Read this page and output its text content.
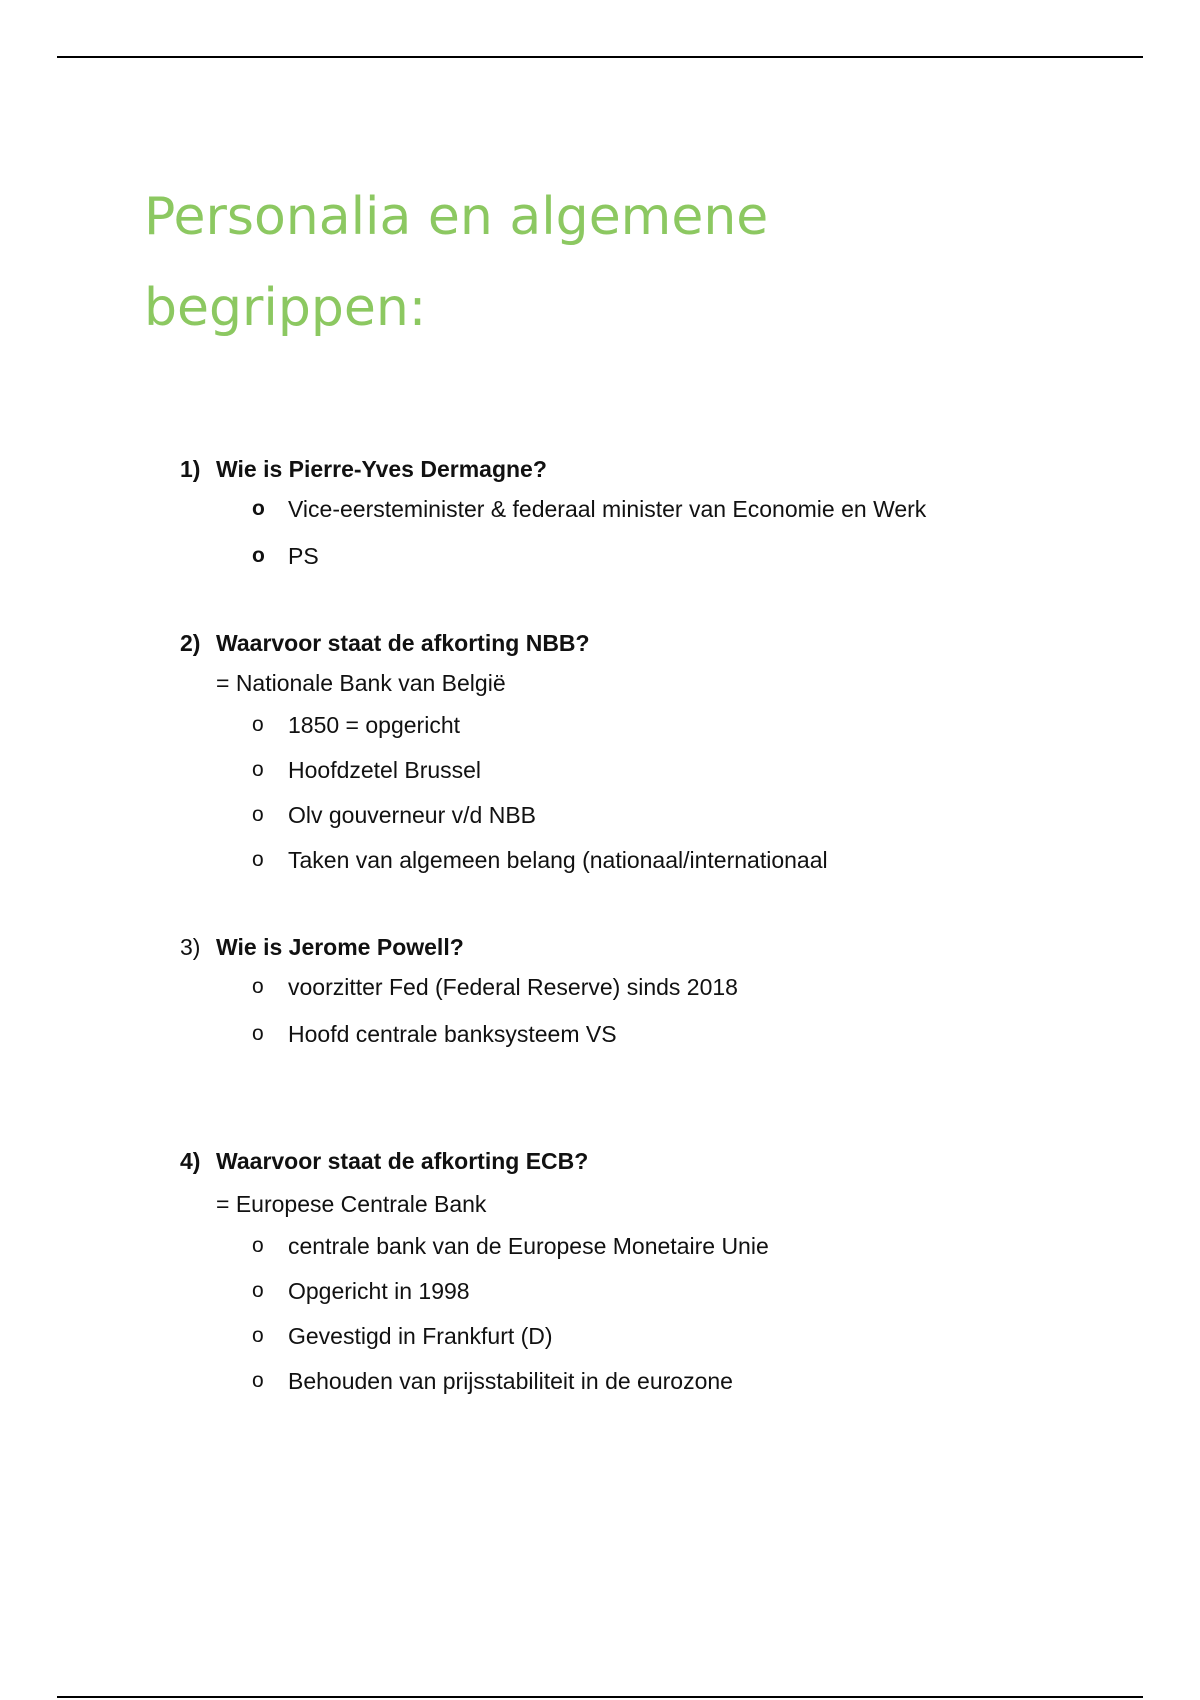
Personalia en algemene begrippen:
1) Wie is Pierre-Yves Dermagne?
o	Vice-eersteminister & federaal minister van Economie en Werk
o	PS
2) Waarvoor staat de afkorting NBB?
= Nationale Bank van België
o	1850 = opgericht
o	Hoofdzetel Brussel
o	Olv gouverneur v/d NBB
o	Taken van algemeen belang (nationaal/internationaal
3) Wie is Jerome Powell?
o	voorzitter Fed (Federal Reserve) sinds 2018
o	Hoofd centrale banksysteem VS
4) Waarvoor staat de afkorting ECB?
= Europese Centrale Bank
o	centrale bank van de Europese Monetaire Unie
o	Opgericht in 1998
o	Gevestigd in Frankfurt (D)
o	Behouden van prijsstabiliteit in de eurozone
